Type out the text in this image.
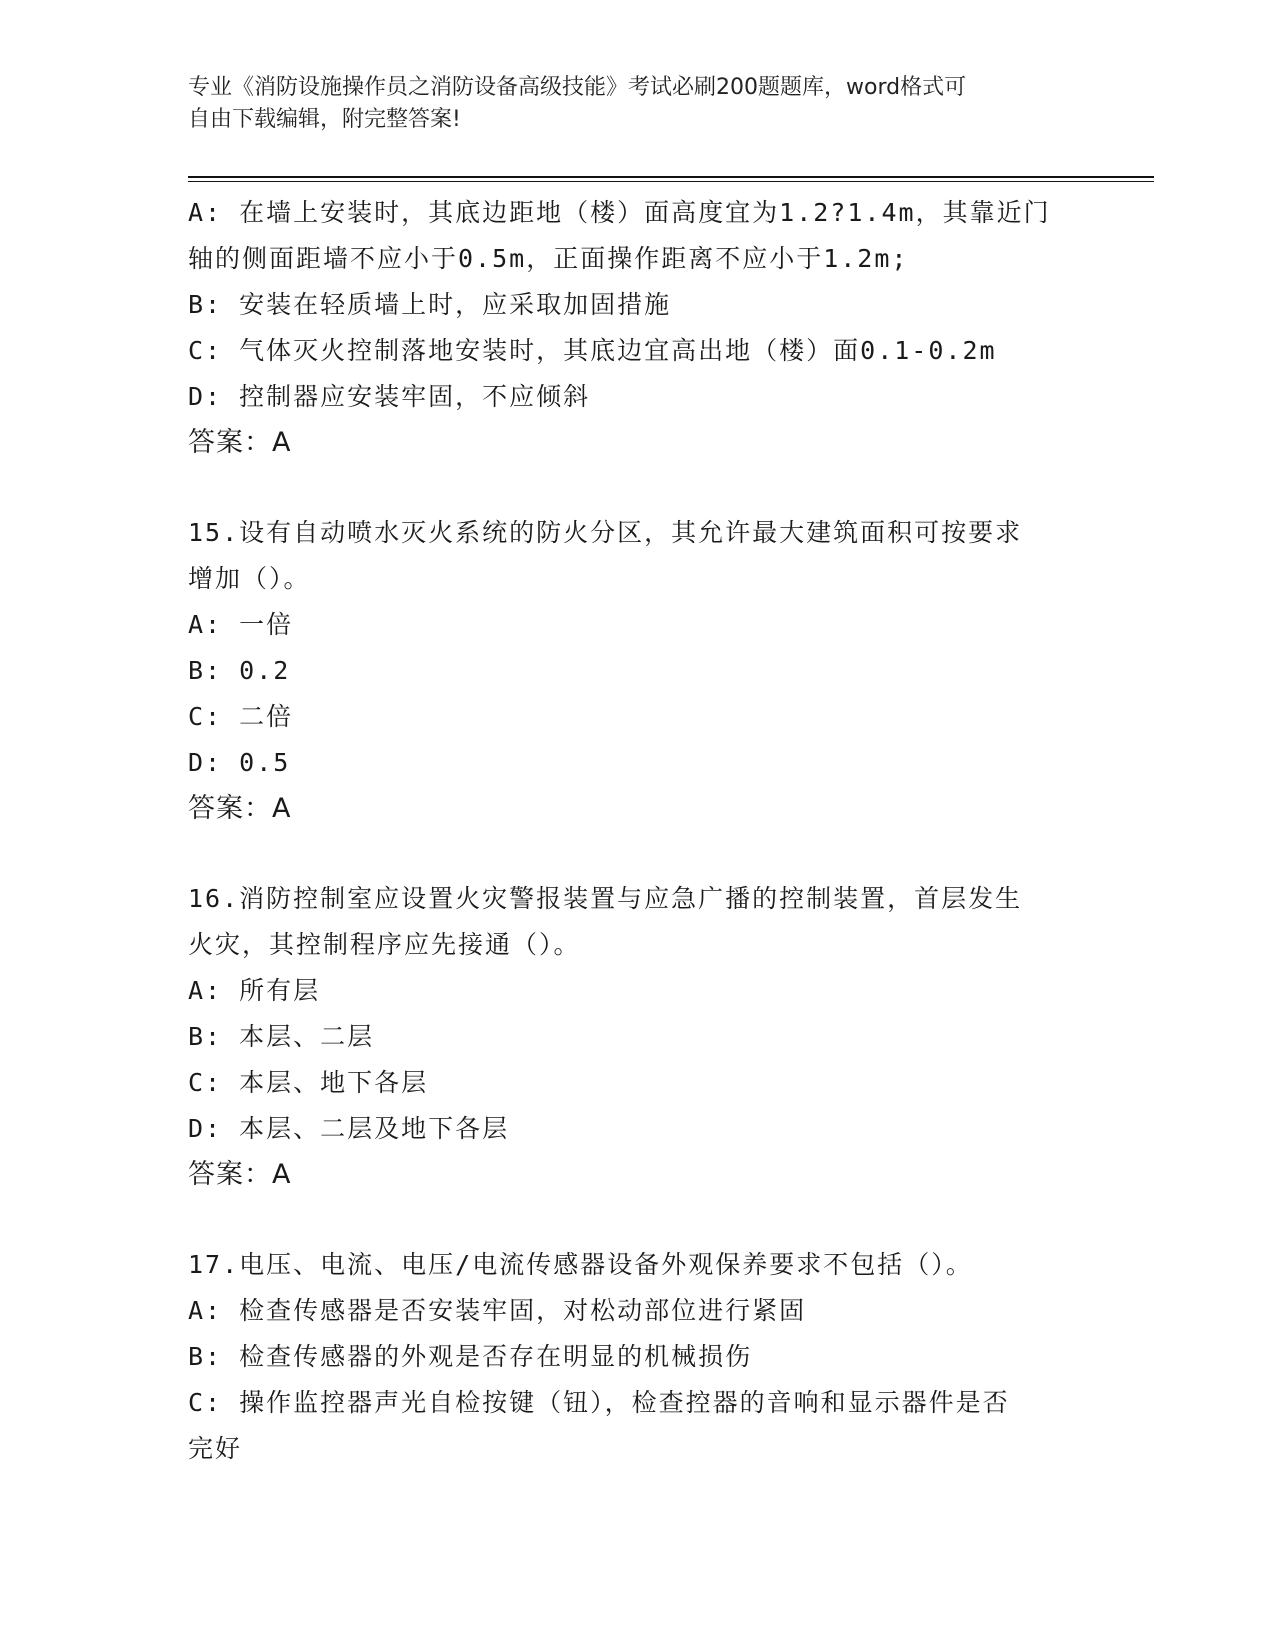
专业《消防设施操作员之消防设备高级技能》考试必刷200题题库，word格式可
自由下载编辑，附完整答案!
A: 在墙上安装时，其底边距地（楼）面高度宜为1.2?1.4m，其靠近门
轴的侧面距墙不应小于0.5m，正面操作距离不应小于1.2m;
B: 安装在轻质墙上时，应采取加固措施
C: 气体灭火控制落地安装时，其底边宜高出地（楼）面0.1-0.2m
D: 控制器应安装牢固，不应倾斜
答案：A
15.设有自动喷水灭火系统的防火分区，其允许最大建筑面积可按要求
增加（）。
A: 一倍
B: 0.2
C: 二倍
D: 0.5
答案：A
16.消防控制室应设置火灾警报装置与应急广播的控制装置，首层发生
火灾，其控制程序应先接通（）。
A: 所有层
B: 本层、二层
C: 本层、地下各层
D: 本层、二层及地下各层
答案：A
17.电压、电流、电压/电流传感器设备外观保养要求不包括（）。
A: 检查传感器是否安装牢固，对松动部位进行紧固
B: 检查传感器的外观是否存在明显的机械损伤
C: 操作监控器声光自检按键（钮），检查控器的音响和显示器件是否
完好
